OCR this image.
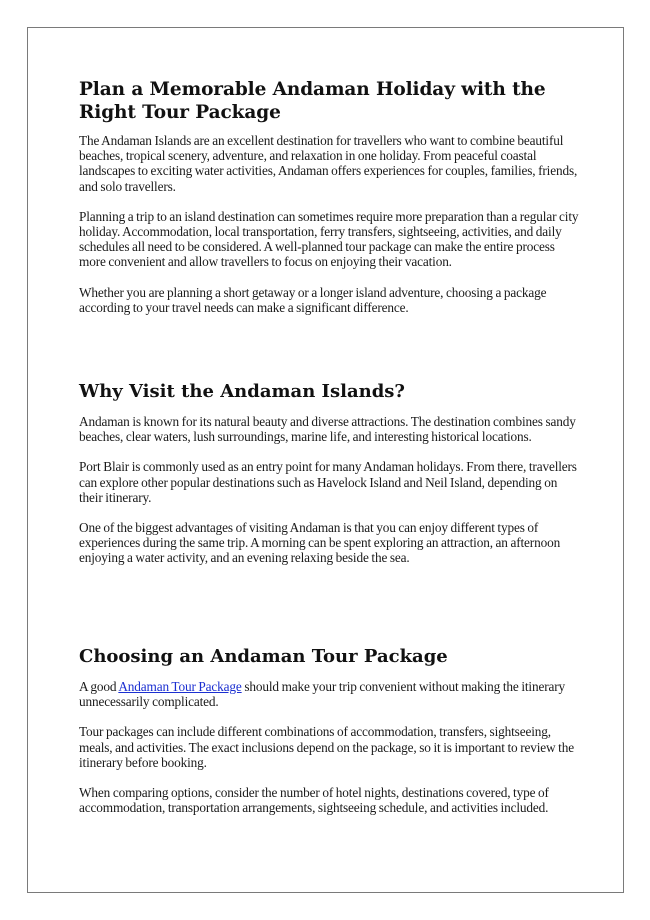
Plan a Memorable Andaman Holiday with the Right Tour Package

The Andaman Islands are an excellent destination for travellers who want to combine beautiful beaches, tropical scenery, adventure, and relaxation in one holiday. From peaceful coastal landscapes to exciting water activities, Andaman offers experiences for couples, families, friends, and solo travellers.

Planning a trip to an island destination can sometimes require more preparation than a regular city holiday. Accommodation, local transportation, ferry transfers, sightseeing, activities, and daily schedules all need to be considered. A well-planned tour package can make the entire process more convenient and allow travellers to focus on enjoying their vacation.

Whether you are planning a short getaway or a longer island adventure, choosing a package according to your travel needs can make a significant difference.

Why Visit the Andaman Islands?

Andaman is known for its natural beauty and diverse attractions. The destination combines sandy beaches, clear waters, lush surroundings, marine life, and interesting historical locations.

Port Blair is commonly used as an entry point for many Andaman holidays. From there, travellers can explore other popular destinations such as Havelock Island and Neil Island, depending on their itinerary.

One of the biggest advantages of visiting Andaman is that you can enjoy different types of experiences during the same trip. A morning can be spent exploring an attraction, an afternoon enjoying a water activity, and an evening relaxing beside the sea.

Choosing an Andaman Tour Package

A good Andaman Tour Package should make your trip convenient without making the itinerary unnecessarily complicated.

Tour packages can include different combinations of accommodation, transfers, sightseeing, meals, and activities. The exact inclusions depend on the package, so it is important to review the itinerary before booking.

When comparing options, consider the number of hotel nights, destinations covered, type of accommodation, transportation arrangements, sightseeing schedule, and activities included.
